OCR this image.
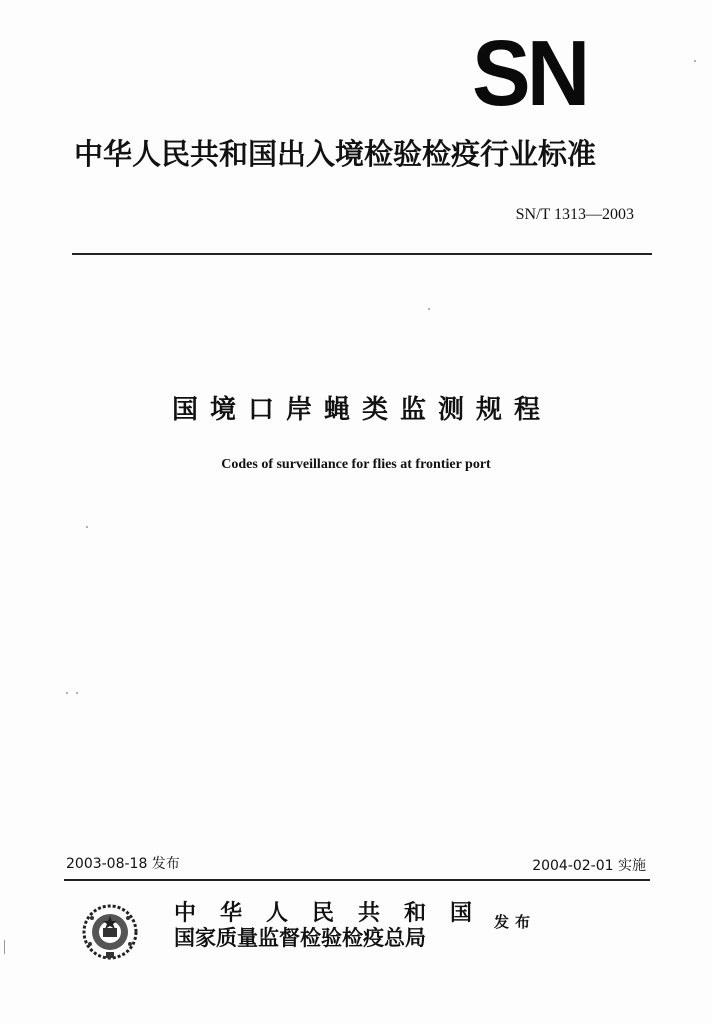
SN
中华人民共和国出入境检验检疫行业标准
SN/T 1313—2003
国境口岸蝇类监测规程
Codes of surveillance for flies at frontier port
2003-08-18 发布	2004-02-01 实施
中华人民共和国
国家质量监督检验检疫总局
发布
